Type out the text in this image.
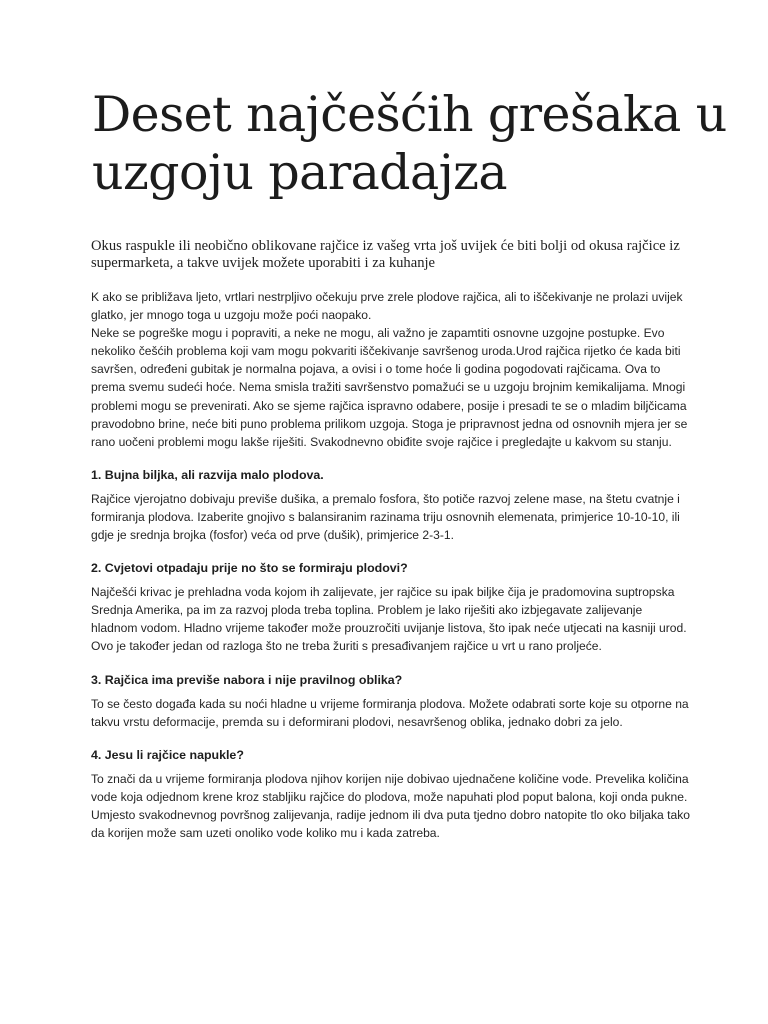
Deset najčešćih grešaka u uzgoju paradajza

Okus raspukle ili neobično oblikovane rajčice iz vašeg vrta još uvijek će biti bolji od okusa rajčice iz supermarketa, a takve uvijek možete uporabiti i za kuhanje

K ako se približava ljeto, vrtlari nestrpljivo očekuju prve zrele plodove rajčica, ali to iščekivanje ne prolazi uvijek glatko, jer mnogo toga u uzgoju može poći naopako.

Neke se pogreške mogu i popraviti, a neke ne mogu, ali važno je zapamtiti osnovne uzgojne postupke. Evo nekoliko češćih problema koji vam mogu pokvariti iščekivanje savršenog uroda.Urod rajčica rijetko će kada biti savršen, određeni gubitak je normalna pojava, a ovisi i o tome hoće li godina pogodovati rajčicama. Ova to prema svemu sudeći hoće. Nema smisla tražiti savršenstvo pomažući se u uzgoju brojnim kemikalijama. Mnogi problemi mogu se prevenirati. Ako se sjeme rajčica ispravno odabere, posije i presadi te se o mladim biljčicama pravodobno brine, neće biti puno problema prilikom uzgoja. Stoga je pripravnost jedna od osnovnih mjera jer se rano uočeni problemi mogu lakše riješiti. Svakodnevno obiđite svoje rajčice i pregledajte u kakvom su stanju.

1. Bujna biljka, ali razvija malo plodova.

Rajčice vjerojatno dobivaju previše dušika, a premalo fosfora, što potiče razvoj zelene mase, na štetu cvatnje i formiranja plodova. Izaberite gnojivo s balansiranim razinama triju osnovnih elemenata, primjerice 10-10-10, ili gdje je srednja brojka (fosfor) veća od prve (dušik), primjerice 2-3-1.

2. Cvjetovi otpadaju prije no što se formiraju plodovi?

Najčešći krivac je prehladna voda kojom ih zalijevate, jer rajčice su ipak biljke čija je pradomovina suptropska Srednja Amerika, pa im za razvoj ploda treba toplina. Problem je lako riješiti ako izbjegavate zalijevanje hladnom vodom. Hladno vrijeme također može prouzročiti uvijanje listova, što ipak neće utjecati na kasniji urod. Ovo je također jedan od razloga što ne treba žuriti s presađivanjem rajčice u vrt u rano proljeće.

3. Rajčica ima previše nabora i nije pravilnog oblika?

To se često događa kada su noći hladne u vrijeme formiranja plodova. Možete odabrati sorte koje su otporne na takvu vrstu deformacije, premda su i deformirani plodovi, nesavršenog oblika, jednako dobri za jelo.

4. Jesu li rajčice napukle?

To znači da u vrijeme formiranja plodova njihov korijen nije dobivao ujednačene količine vode. Prevelika količina vode koja odjednom krene kroz stabljiku rajčice do plodova, može napuhati plod poput balona, koji onda pukne. Umjesto svakodnevnog površnog zalijevanja, radije jednom ili dva puta tjedno dobro natopite tlo oko biljaka tako da korijen može sam uzeti onoliko vode koliko mu i kada zatreba.
